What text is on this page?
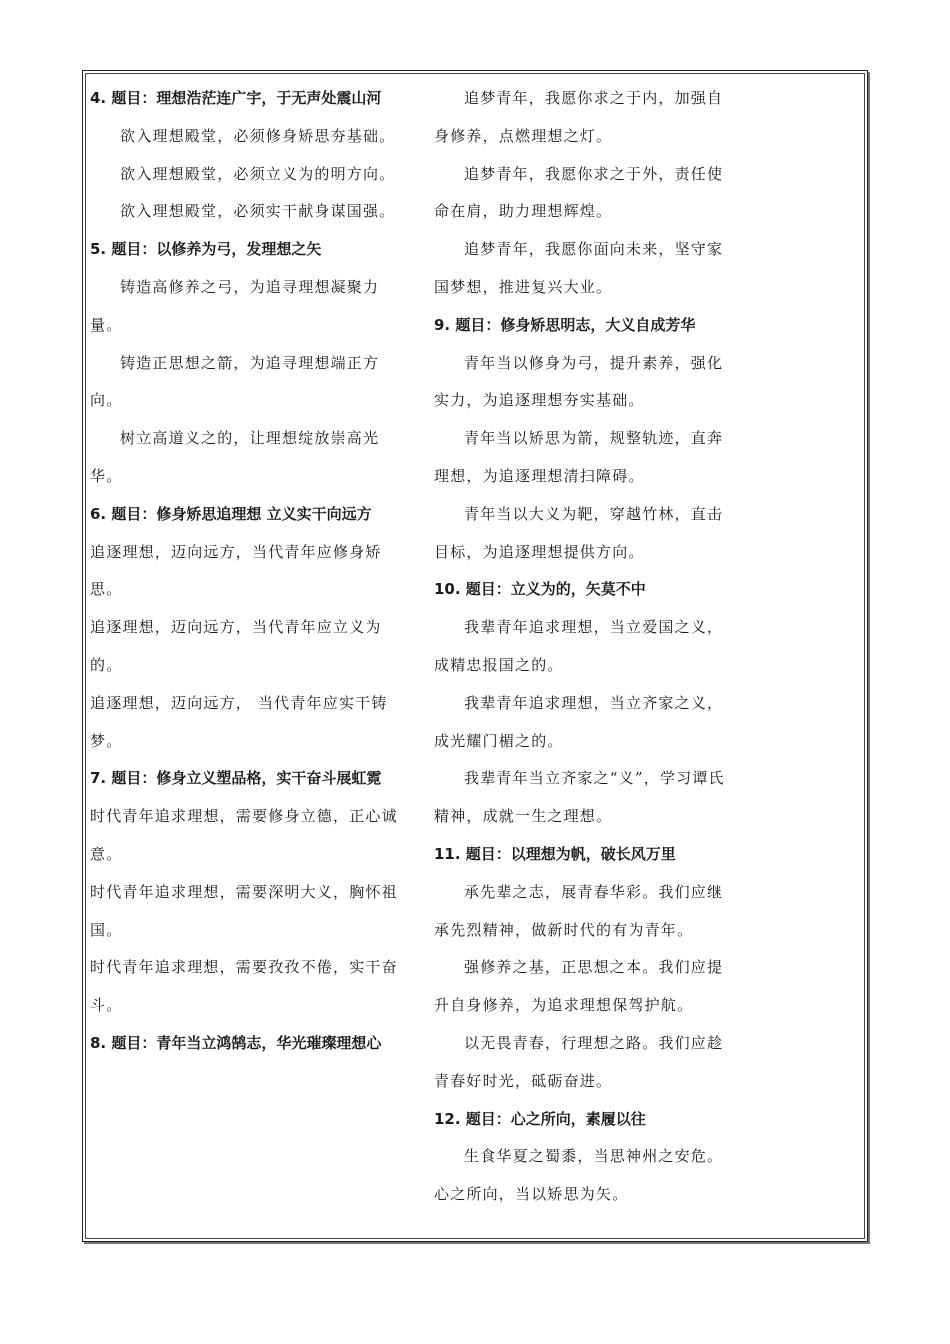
4. 题目：理想浩茫连广宇，于无声处震山河
欲入理想殿堂，必须修身矫思夯基础。
欲入理想殿堂，必须立义为的明方向。
欲入理想殿堂，必须实干献身谋国强。
5. 题目：以修养为弓，发理想之矢
铸造高修养之弓，为追寻理想凝聚力量。
铸造正思想之箭，为追寻理想端正方向。
树立高道义之的，让理想绽放崇高光华。
6. 题目：修身矫思追理想 立义实干向远方
追逐理想，迈向远方，当代青年应修身矫思。
追逐理想，迈向远方，当代青年应立义为的。
追逐理想，迈向远方， 当代青年应实干铸梦。
7. 题目：修身立义塑品格，实干奋斗展虹霓
时代青年追求理想，需要修身立德，正心诚意。
时代青年追求理想，需要深明大义，胸怀祖国。
时代青年追求理想，需要孜孜不倦，实干奋斗。
8. 题目：青年当立鸿鹄志，华光璀璨理想心
追梦青年，我愿你求之于内，加强自身修养，点燃理想之灯。
追梦青年，我愿你求之于外，责任使命在肩，助力理想辉煌。
追梦青年，我愿你面向未来，坚守家国梦想，推进复兴大业。
9. 题目：修身矫思明志，大义自成芳华
青年当以修身为弓，提升素养，强化实力，为追逐理想夯实基础。
青年当以矫思为箭，规整轨迹，直奔理想，为追逐理想清扫障碍。
青年当以大义为靶，穿越竹林，直击目标，为追逐理想提供方向。
10. 题目：立义为的，矢莫不中
我辈青年追求理想，当立爱国之义，成精忠报国之的。
我辈青年追求理想，当立齐家之义，成光耀门楣之的。
我辈青年当立齐家之“义”，学习谭氏精神，成就一生之理想。
11. 题目：以理想为帆，破长风万里
承先辈之志，展青春华彩。我们应继承先烈精神，做新时代的有为青年。
强修养之基，正思想之本。我们应提升自身修养，为追求理想保驾护航。
以无畏青春，行理想之路。我们应趁青春好时光，砥砺奋进。
12. 题目：心之所向，素履以往
生食华夏之蜀黍，当思神州之安危。
心之所向，当以矫思为矢。
